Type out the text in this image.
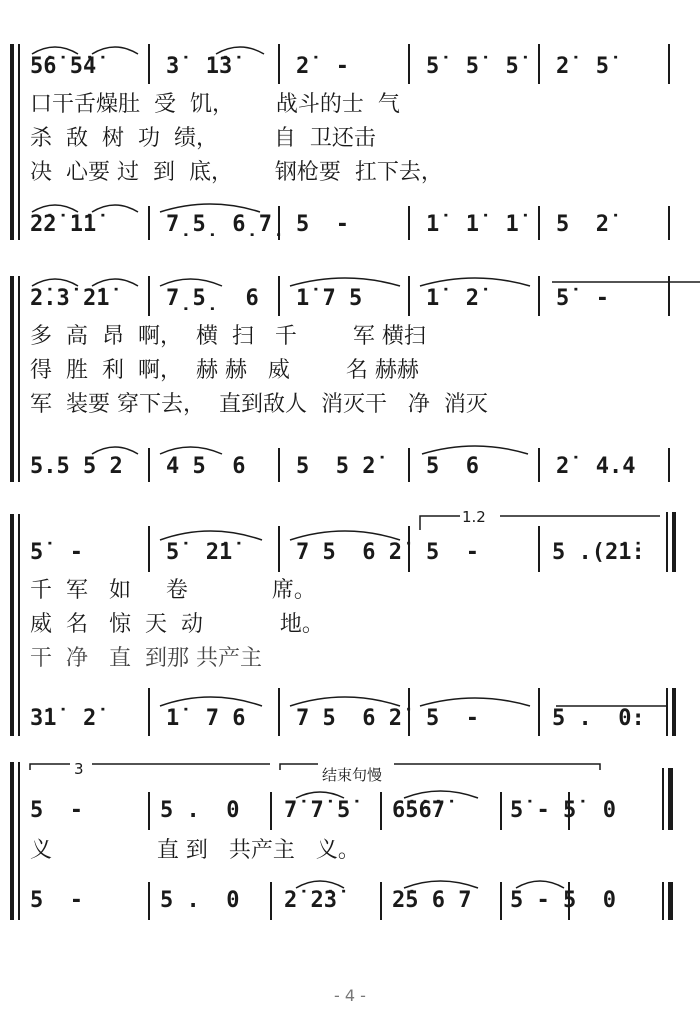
5̇6̇ 5̇4̇	3̇  1̇3̇	2̇  -	5̇  5̇  5̇ 2̇  5̇
口干舌燥肚  受  饥，      战斗的士  气
杀  敌  树  功  绩，        自  卫还击
决  心要 过  到  底，      钢枪要  扛下去，
2̇2̇ 1̇1̇	7̣5̣ 6̣7̣ 5  -	1̇  1̇  1̇ 5  2̇
2̇.3̇ 2̇1̇	7̣5̣  6 1̇ 7 5	1̇  2̇	5̇  -
多  高  昂  啊，  横  扫   千        军 横扫
得  胜  利  啊，  赫 赫   威        名 赫赫
军  装要 穿下去，  直到敌人  消灭干   净  消灭
5.5 5 2 4 5  6 5  5 2̇ 5  6	2̇  4.4
1.2
5̇  -	5̇  2̇1̇	7 5  6 2̇ 5  -	5 .(2̇1̇:
千  军   如     卷            席。
威  名   惊  天  动           地。
干  净   直  到那 共产主
3̇1̇  2̇	1̇  7 6 7 5  6 2̇ 5  -	5 .  0:
3	结束句慢
5  -	5 .  0 7̇ 7̇ 5̇ 6̇5̇6̇7̇	5̇ - 5̇  0
义               直 到   共产主   义。
5  -	5 .  0 2̇ 2̇3̇	2̇5 6 7 5 - 5  0
- 4 -
